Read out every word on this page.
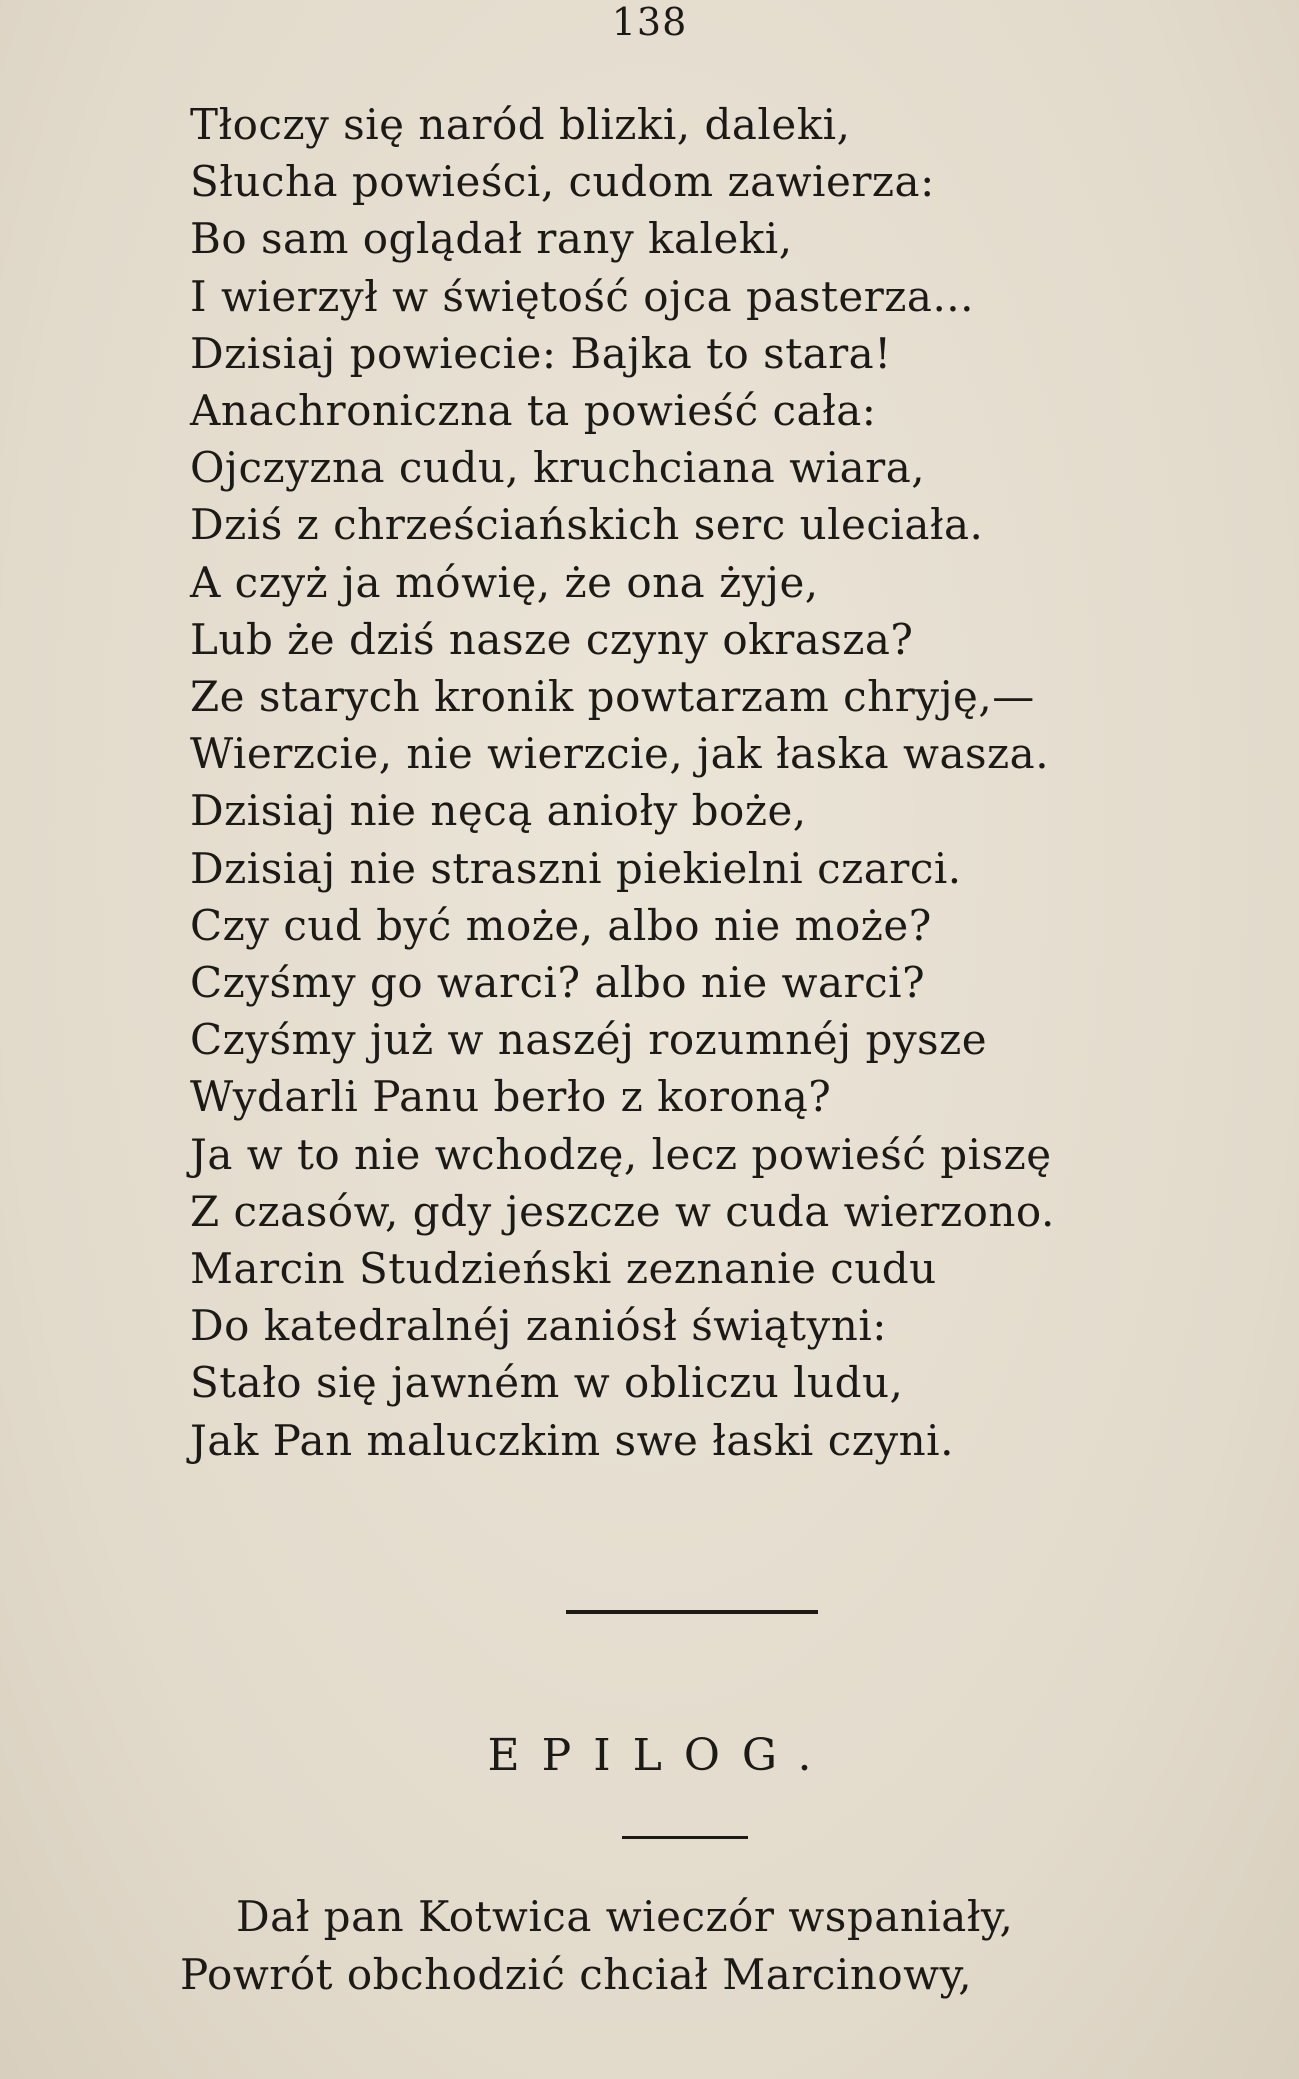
138
Tłoczy się naród blizki, daleki,
Słucha powieści, cudom zawierza:
Bo sam oglądał rany kaleki,
I wierzył w świętość ojca pasterza...
Dzisiaj powiecie: Bajka to stara!
Anachroniczna ta powieść cała:
Ojczyzna cudu, kruchciana wiara,
Dziś z chrześciańskich serc uleciała.
A czyż ja mówię, że ona żyje,
Lub że dziś nasze czyny okrasza?
Ze starych kronik powtarzam chryję,—
Wierzcie, nie wierzcie, jak łaska wasza.
Dzisiaj nie nęcą anioły boże,
Dzisiaj nie straszni piekielni czarci.
Czy cud być może, albo nie może?
Czyśmy go warci? albo nie warci?
Czyśmy już w naszéj rozumnéj pysze
Wydarli Panu berło z koroną?
Ja w to nie wchodzę, lecz powieść piszę
Z czasów, gdy jeszcze w cuda wierzono.
Marcin Studzieński zeznanie cudu
Do katedralnéj zaniósł świątyni:
Stało się jawném w obliczu ludu,
Jak Pan maluczkim swe łaski czyni.
EPILOG.
Dał pan Kotwica wieczór wspaniały,
Powrót obchodzić chciał Marcinowy,
